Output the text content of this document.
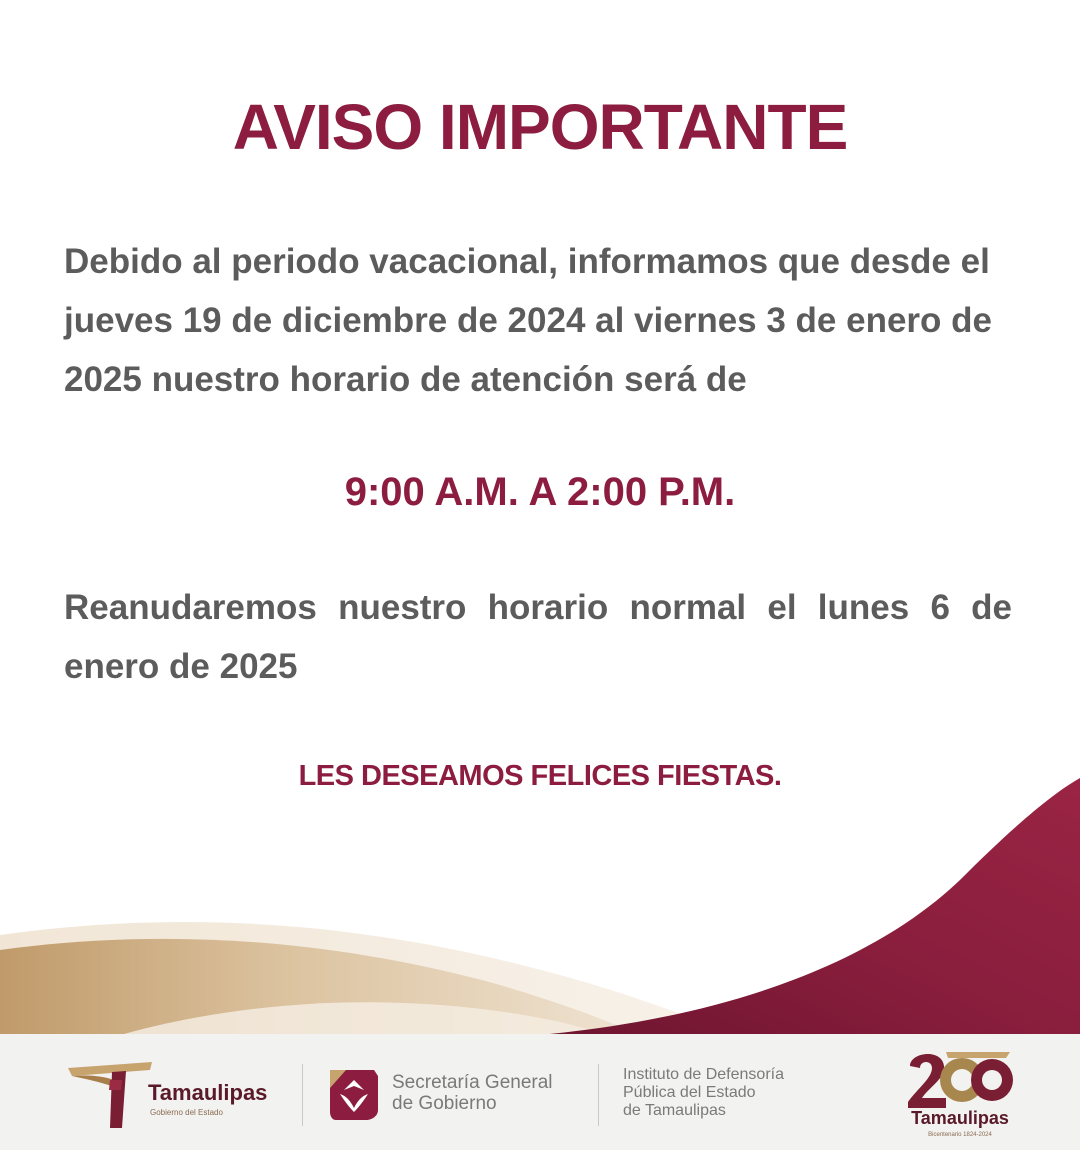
AVISO IMPORTANTE

Debido al periodo vacacional, informamos que desde el jueves 19 de diciembre de 2024 al viernes 3 de enero de 2025 nuestro horario de atención será de

9:00 A.M. A 2:00 P.M.

Reanudaremos nuestro horario normal el lunes 6 de enero de 2025

LES DESEAMOS FELICES FIESTAS.

Tamaulipas
Gobierno del Estado
Secretaría General
de Gobierno
Instituto de Defensoría
Pública del Estado
de Tamaulipas	Tamaulipas
Bicentenario 1824-2024
